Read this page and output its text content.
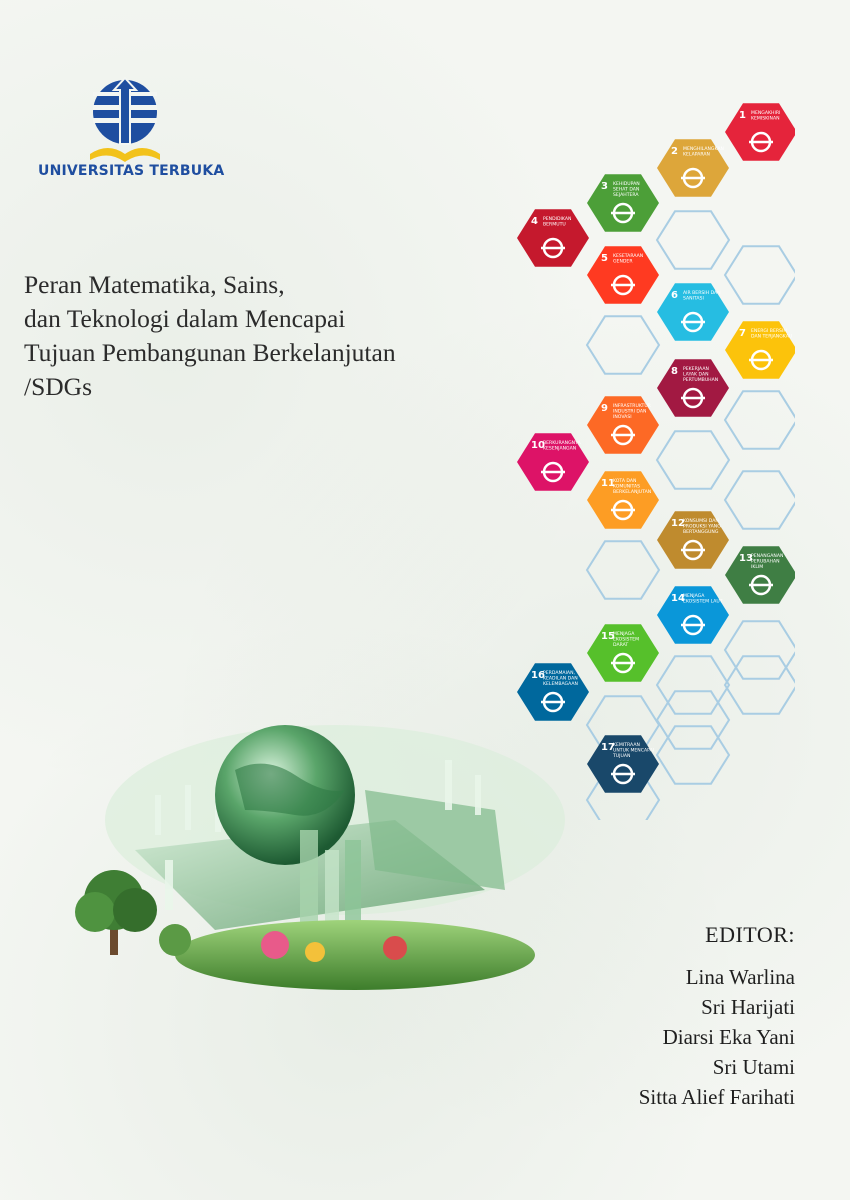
UNIVERSITAS TERBUKA
Peran Matematika, Sains,
dan Teknologi dalam Mencapai
Tujuan Pembangunan Berkelanjutan
/SDGs
1 MENGAKHIRI KEMISKINAN
2 MENGHILANGKAN KELAPARAN
3 KEHIDUPAN SEHAT DAN SEJAHTERA
4 PENDIDIKAN BERMUTU
5 KESETARAAN GENDER
6 AIR BERSIH DAN SANITASI
7 ENERGI BERSIH DAN TERJANGKAU
8 PEKERJAAN LAYAK DAN PERTUMBUHAN
9 INFRASTRUKTUR INDUSTRI DAN INOVASI
10
BERKURANGNYA KESENJANGAN
11
KOTA DAN KOMUNITAS BERKELANJUTAN
12
KONSUMSI DAN PRODUKSI YANG BERTANGGUNG
13
PENANGANAN PERUBAHAN IKLIM
14
MENJAGA EKOSISTEM LAUT
15
MENJAGA EKOSISTEM DARAT
16
PERDAMAIAN, KEADILAN DAN KELEMBAGAAN
17
KEMITRAAN UNTUK MENCAPAI TUJUAN
EDITOR:
Lina Warlina
Sri Harijati
Diarsi Eka Yani
Sri Utami
Sitta Alief Farihati
